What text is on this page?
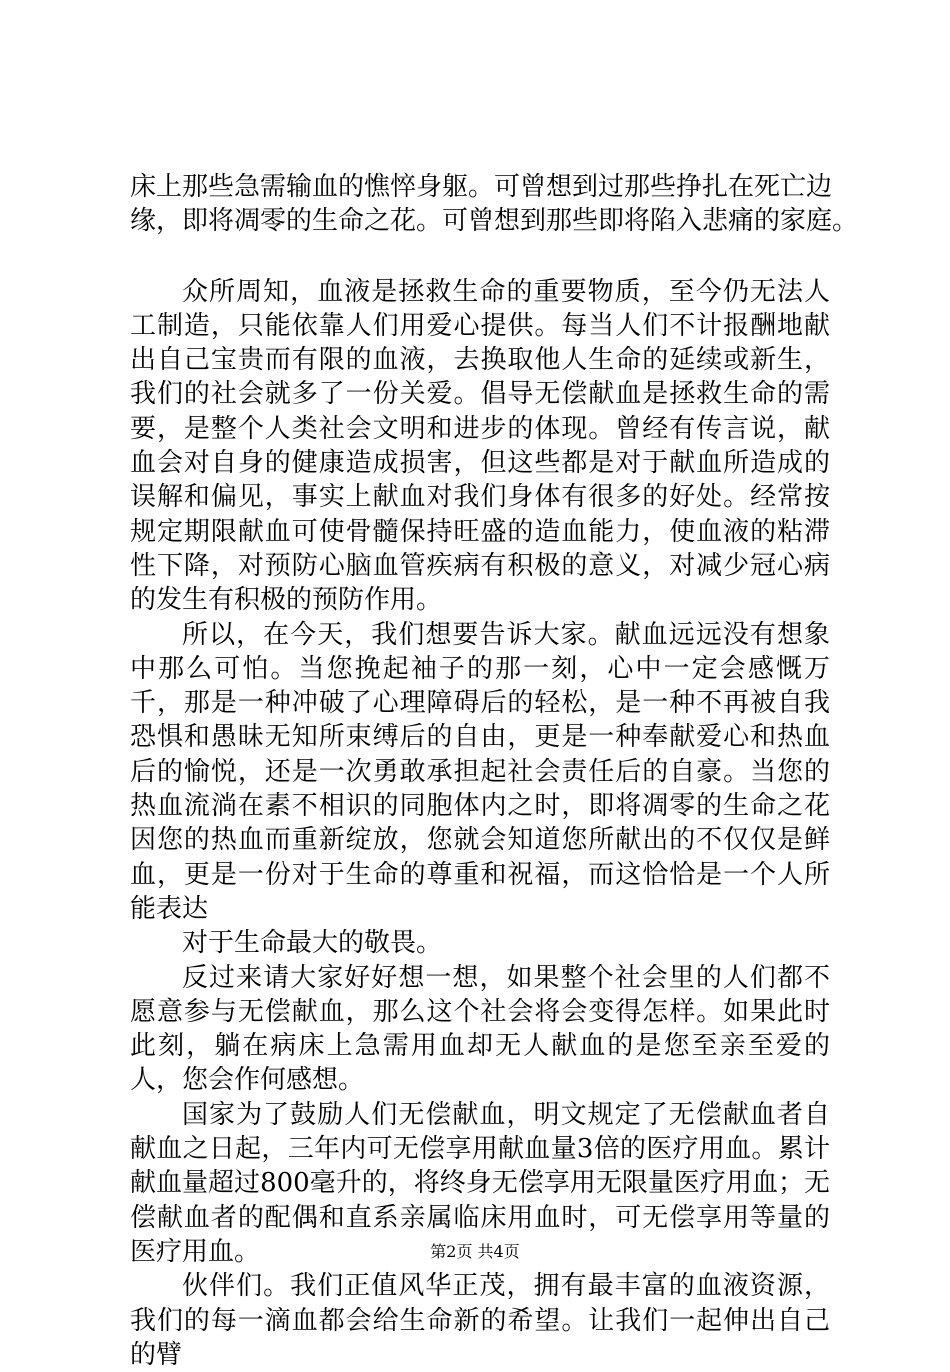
床上那些急需输血的憔悴身躯。可曾想到过那些挣扎在死亡边
缘，即将凋零的生命之花。可曾想到那些即将陷入悲痛的家庭。

众所周知，血液是拯救生命的重要物质，至今仍无法人工制造，只能依靠人们用爱心提供。每当人们不计报酬地献出自己宝贵而有限的血液，去换取他人生命的延续或新生，我们的社会就多了一份关爱。倡导无偿献血是拯救生命的需要，是整个人类社会文明和进步的体现。曾经有传言说，献血会对自身的健康造成损害，但这些都是对于献血所造成的误解和偏见，事实上献血对我们身体有很多的好处。经常按规定期限献血可使骨髓保持旺盛的造血能力，使血液的粘滞性下降，对预防心脑血管疾病有积极的意义，对减少冠心病的发生有积极的预防作用。

所以，在今天，我们想要告诉大家。献血远远没有想象中那么可怕。当您挽起袖子的那一刻，心中一定会感慨万千，那是一种冲破了心理障碍后的轻松，是一种不再被自我恐惧和愚昧无知所束缚后的自由，更是一种奉献爱心和热血后的愉悦，还是一次勇敢承担起社会责任后的自豪。当您的热血流淌在素不相识的同胞体内之时，即将凋零的生命之花因您的热血而重新绽放，您就会知道您所献出的不仅仅是鲜血，更是一份对于生命的尊重和祝福，而这恰恰是一个人所能表达

对于生命最大的敬畏。

反过来请大家好好想一想，如果整个社会里的人们都不愿意参与无偿献血，那么这个社会将会变得怎样。如果此时此刻，躺在病床上急需用血却无人献血的是您至亲至爱的人，您会作何感想。

国家为了鼓励人们无偿献血，明文规定了无偿献血者自献血之日起，三年内可无偿享用献血量3倍的医疗用血。累计献血量超过800毫升的，将终身无偿享用无限量医疗用血；无偿献血者的配偶和直系亲属临床用血时，可无偿享用等量的医疗用血。

伙伴们。我们正值风华正茂，拥有最丰富的血液资源，我们的每一滴血都会给生命新的希望。让我们一起伸出自己的臂

第2页 共4页
